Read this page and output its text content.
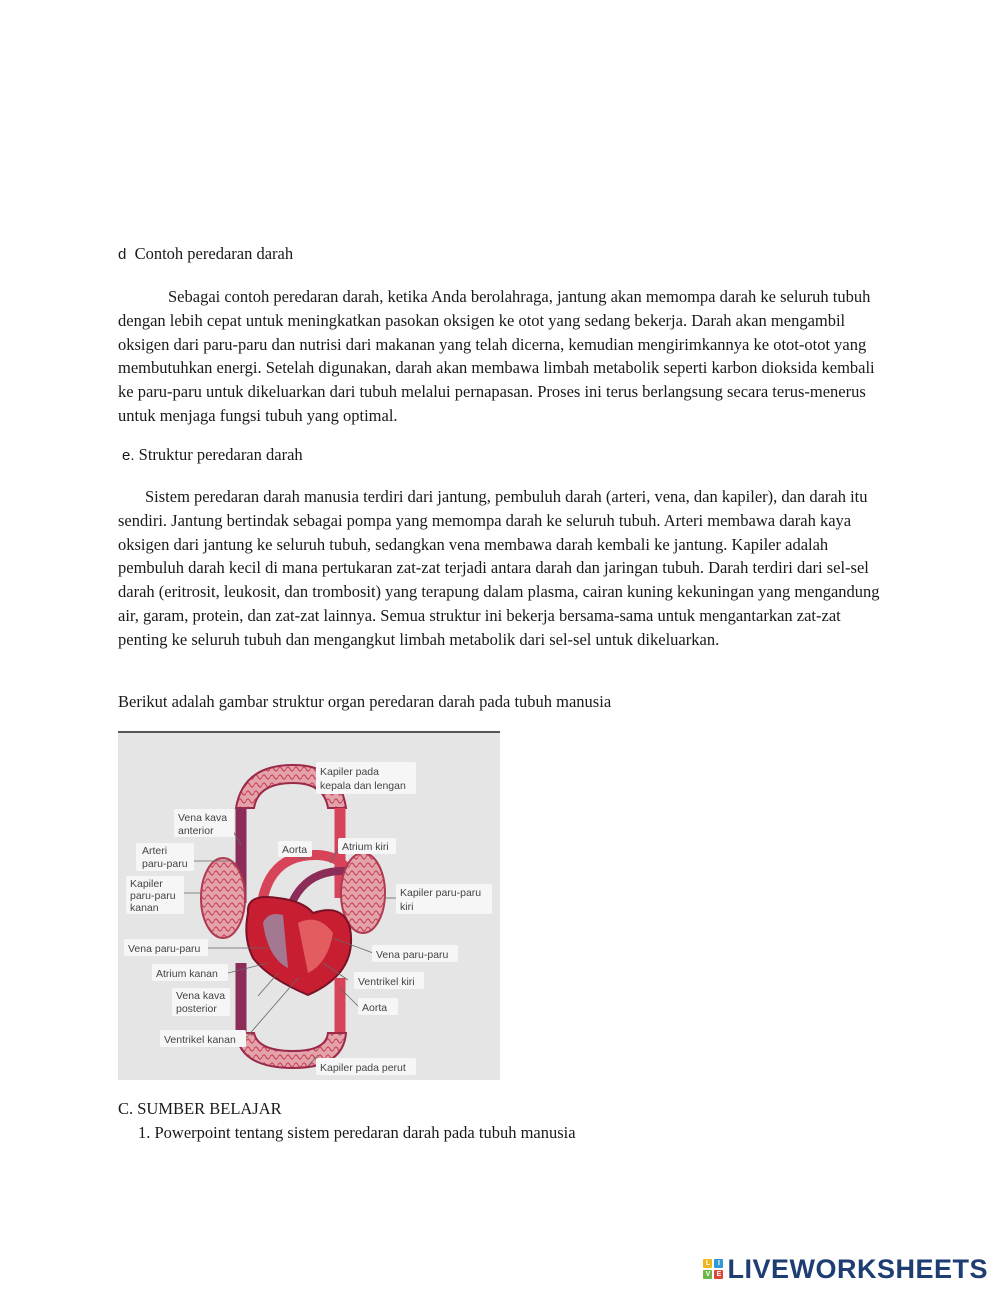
d Contoh peredaran darah
Sebagai contoh peredaran darah, ketika Anda berolahraga, jantung akan memompa darah ke seluruh tubuh dengan lebih cepat untuk meningkatkan pasokan oksigen ke otot yang sedang bekerja. Darah akan mengambil oksigen dari paru-paru dan nutrisi dari makanan yang telah dicerna, kemudian mengirimkannya ke otot-otot yang membutuhkan energi. Setelah digunakan, darah akan membawa limbah metabolik seperti karbon dioksida kembali ke paru-paru untuk dikeluarkan dari tubuh melalui pernapasan. Proses ini terus berlangsung secara terus-menerus untuk menjaga fungsi tubuh yang optimal.
e. Struktur peredaran darah
Sistem peredaran darah manusia terdiri dari jantung, pembuluh darah (arteri, vena, dan kapiler), dan darah itu sendiri. Jantung bertindak sebagai pompa yang memompa darah ke seluruh tubuh. Arteri membawa darah kaya oksigen dari jantung ke seluruh tubuh, sedangkan vena membawa darah kembali ke jantung. Kapiler adalah pembuluh darah kecil di mana pertukaran zat-zat terjadi antara darah dan jaringan tubuh. Darah terdiri dari sel-sel darah (eritrosit, leukosit, dan trombosit) yang terapung dalam plasma, cairan kuning kekuningan yang mengandung air, garam, protein, dan zat-zat lainnya. Semua struktur ini bekerja bersama-sama untuk mengantarkan zat-zat penting ke seluruh tubuh dan mengangkut limbah metabolik dari sel-sel untuk dikeluarkan.
Berikut adalah gambar struktur organ peredaran darah pada tubuh manusia
Kapiler pada
kepala dan lengan
Vena kava
anterior
Arteri
paru-paru
Aorta	Atrium kiri
Kapiler
paru-paru
kanan
Kapiler paru-paru
kiri
Vena paru-paru	Vena paru-paru
Atrium kanan
Ventrikel kiri
Vena kava
posterior	Aorta
Ventrikel kanan
Kapiler pada perut
C. SUMBER BELAJAR
1. Powerpoint tentang sistem peredaran darah pada tubuh manusia
L	I
V E LIVEWORKSHEETS
